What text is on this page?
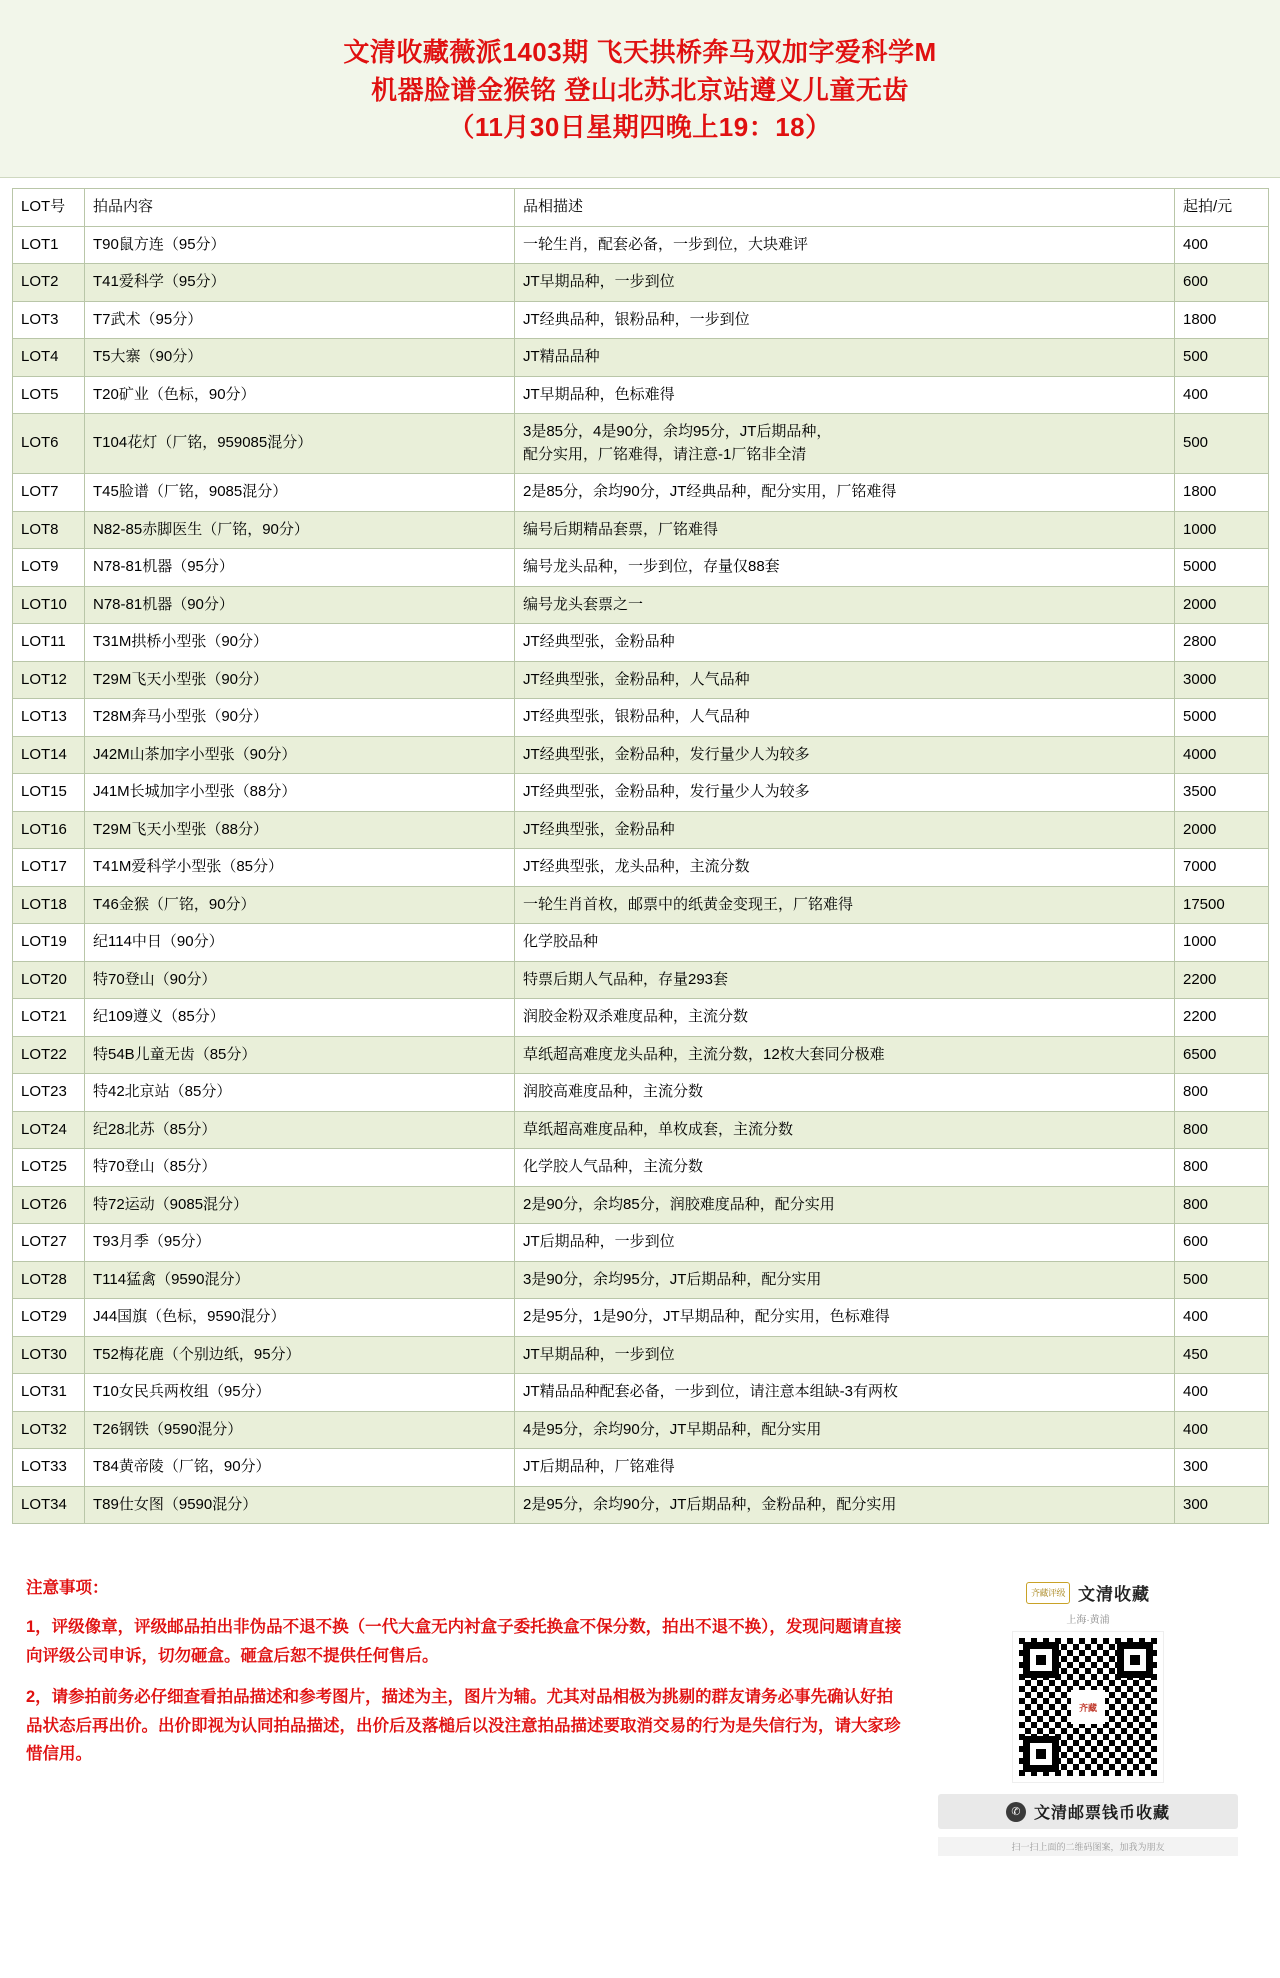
文清收藏薇派1403期 飞天拱桥奔马双加字爱科学M
机器脸谱金猴铭 登山北苏北京站遵义儿童无齿
（11月30日星期四晚上19：18）
LOT号	拍品内容	品相描述	起拍/元
LOT1	T90鼠方连（95分）	一轮生肖，配套必备，一步到位，大块难评	400
LOT2	T41爱科学（95分）	JT早期品种，一步到位	600
LOT3	T7武术（95分）	JT经典品种，银粉品种，一步到位	1800
LOT4	T5大寨（90分）	JT精品品种	500
LOT5	T20矿业（色标，90分）	JT早期品种，色标难得	400
LOT6	T104花灯（厂铭，959085混分）	3是85分，4是90分，余均95分，JT后期品种，
配分实用，厂铭难得，请注意-1厂铭非全清	500
LOT7	T45脸谱（厂铭，9085混分）	2是85分，余均90分，JT经典品种，配分实用，厂铭难得	1800
LOT8	N82-85赤脚医生（厂铭，90分）	编号后期精品套票，厂铭难得	1000
LOT9	N78-81机器（95分）	编号龙头品种，一步到位，存量仅88套	5000
LOT10	N78-81机器（90分）	编号龙头套票之一	2000
LOT11	T31M拱桥小型张（90分）	JT经典型张，金粉品种	2800
LOT12	T29M飞天小型张（90分）	JT经典型张，金粉品种，人气品种	3000
LOT13	T28M奔马小型张（90分）	JT经典型张，银粉品种，人气品种	5000
LOT14	J42M山茶加字小型张（90分）	JT经典型张，金粉品种，发行量少人为较多	4000
LOT15	J41M长城加字小型张（88分）	JT经典型张，金粉品种，发行量少人为较多	3500
LOT16	T29M飞天小型张（88分）	JT经典型张，金粉品种	2000
LOT17	T41M爱科学小型张（85分）	JT经典型张，龙头品种，主流分数	7000
LOT18	T46金猴（厂铭，90分）	一轮生肖首枚，邮票中的纸黄金变现王，厂铭难得	17500
LOT19	纪114中日（90分）	化学胶品种	1000
LOT20	特70登山（90分）	特票后期人气品种，存量293套	2200
LOT21	纪109遵义（85分）	润胶金粉双杀难度品种，主流分数	2200
LOT22	特54B儿童无齿（85分）	草纸超高难度龙头品种，主流分数，12枚大套同分极难	6500
LOT23	特42北京站（85分）	润胶高难度品种，主流分数	800
LOT24	纪28北苏（85分）	草纸超高难度品种，单枚成套，主流分数	800
LOT25	特70登山（85分）	化学胶人气品种，主流分数	800
LOT26	特72运动（9085混分）	2是90分，余均85分，润胶难度品种，配分实用	800
LOT27	T93月季（95分）	JT后期品种，一步到位	600
LOT28	T114猛禽（9590混分）	3是90分，余均95分，JT后期品种，配分实用	500
LOT29	J44国旗（色标，9590混分）	2是95分，1是90分，JT早期品种，配分实用，色标难得	400
LOT30	T52梅花鹿（个别边纸，95分）	JT早期品种，一步到位	450
LOT31	T10女民兵两枚组（95分）	JT精品品种配套必备，一步到位，请注意本组缺-3有两枚	400
LOT32	T26钢铁（9590混分）	4是95分，余均90分，JT早期品种，配分实用	400
LOT33	T84黄帝陵（厂铭，90分）	JT后期品种，厂铭难得	300
LOT34	T89仕女图（9590混分）	2是95分，余均90分，JT后期品种，金粉品种，配分实用	300
注意事项：
1，评级像章，评级邮品拍出非伪品不退不换（一代大盒无内衬盒子委托换盒不保分数，拍出不退不换），发现问题请直接向评级公司申诉，切勿砸盒。砸盒后恕不提供任何售后。
2，请参拍前务必仔细查看拍品描述和参考图片，描述为主，图片为辅。尤其对品相极为挑剔的群友请务必事先确认好拍品状态后再出价。出价即视为认同拍品描述，出价后及落槌后以没注意拍品描述要取消交易的行为是失信行为，请大家珍惜信用。
齐藏评级 文清收藏
上海·黄浦
齐藏
✆ 文清邮票钱币收藏
扫一扫上面的二维码图案，加我为朋友
